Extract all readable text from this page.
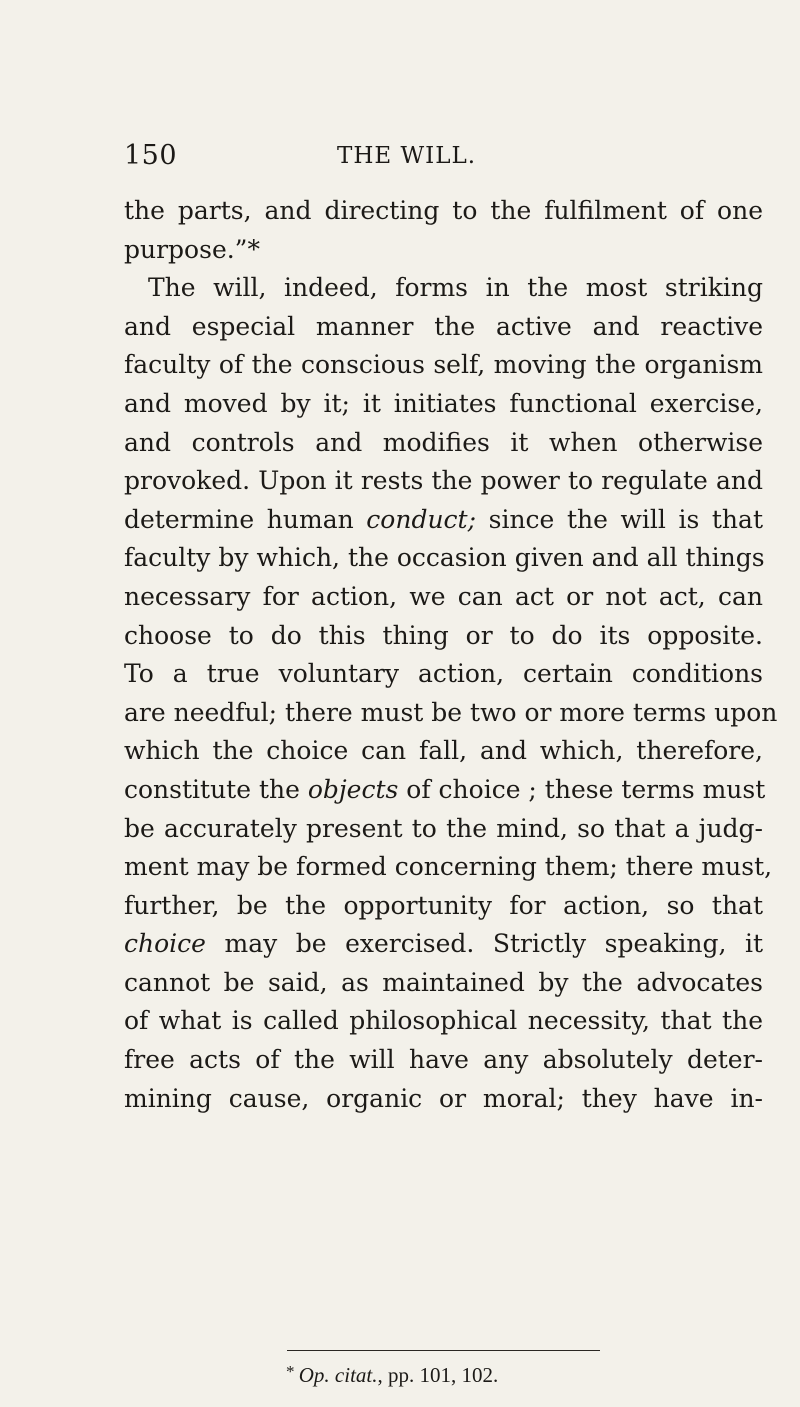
150	THE WILL.
the parts, and directing to the fulfilment of one
purpose.”*
The will, indeed, forms in the most striking
and especial manner the active and reactive
faculty of the conscious self, moving the organism
and moved by it; it initiates functional exercise,
and controls and modifies it when otherwise
provoked. Upon it rests the power to regulate and
determine human conduct; since the will is that
faculty by which, the occasion given and all things
necessary for action, we can act or not act, can
choose to do this thing or to do its opposite.
To a true voluntary action, certain conditions
are needful; there must be two or more terms upon
which the choice can fall, and which, therefore,
constitute the objects of choice ; these terms must
be accurately present to the mind, so that a judg-
ment may be formed concerning them; there must,
further, be the opportunity for action, so that
choice may be exercised. Strictly speaking, it
cannot be said, as maintained by the advocates
of what is called philosophical necessity, that the
free acts of the will have any absolutely deter-
mining cause, organic or moral; they have in-
* Op. citat., pp. 101, 102.
